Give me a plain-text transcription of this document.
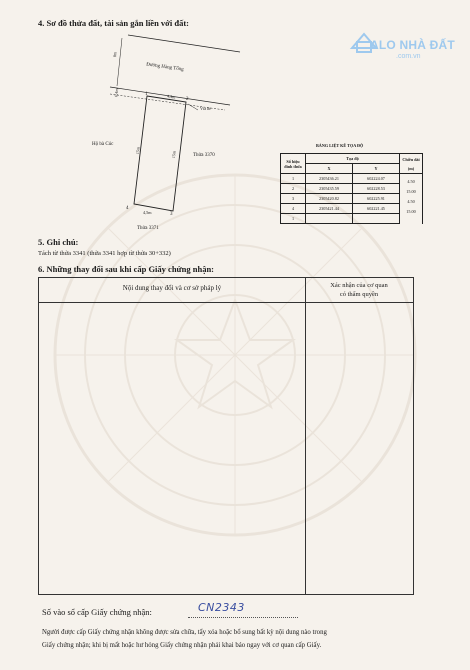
ALO NHÀ ĐẤT
.com.vn
4. Sơ đồ thửa đất, tài sản gắn liền với đất:
Đường Hàng Tổng
8m
0,4m
Vỉa hè
4,5m
1
2
3
4
15m	15m
4,5m
Hộ bà Cúc
Thửa 3370
Thửa 3371
BẢNG LIỆT KÊ TỌA ĐỘ
Số hiệu đỉnh thửa	Tọa độ		Chiều dài
(m)
	X	Y	
1	2305436.21	602224.07	4.50
2	2305435.59	602228.53	15.00
3	2305420.82	602225.91	4.50
4	2305421.44	602221.45	15.00
1			
5. Ghi chú:
Tách từ thửa 3341 (thửa 3341 hợp từ thửa 30+332)
6. Những thay đổi sau khi cấp Giấy chứng nhận:
Nội dung thay đổi và cơ sở pháp lý	Xác nhận của cơ quan
có thẩm quyền
Số vào sổ cấp Giấy chứng nhận:	CN2343
Người được cấp Giấy chứng nhận không được sửa chữa, tẩy xóa hoặc bổ sung bất kỳ nội dung nào trong
Giấy chứng nhận; khi bị mất hoặc hư hỏng Giấy chứng nhận phải khai báo ngay với cơ quan cấp Giấy.
